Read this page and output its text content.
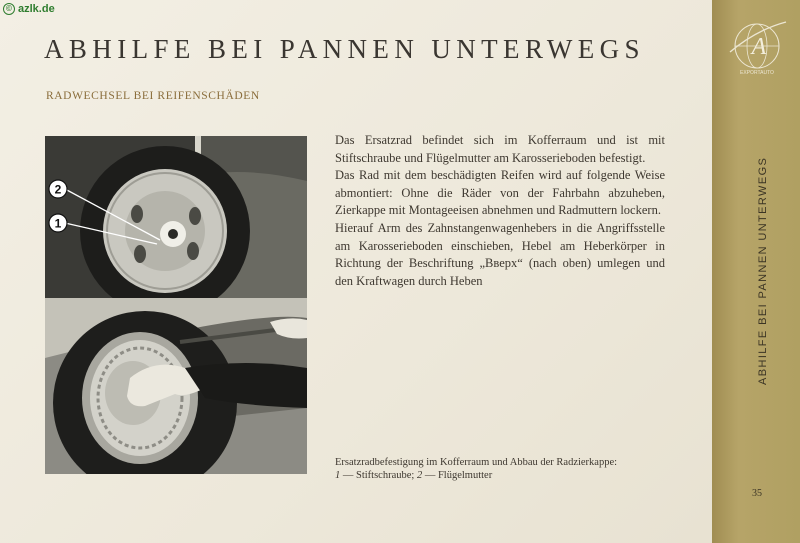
© azlk.de
ABHILFE BEI PANNEN UNTERWEGS
RADWECHSEL BEI REIFENSCHÄDEN
2
1

Das Ersatzrad befindet sich im Kofferraum und ist mit Stiftschraube und Flügelmutter am Karosserieboden befestigt.

Das Rad mit dem beschädigten Reifen wird auf folgende Weise abmontiert: Ohne die Räder von der Fahrbahn abzuheben, Zierkappe mit Montageeisen abnehmen und Radmuttern lockern.

Hierauf Arm des Zahnstangenwagenhebers in die Angriffsstelle am Karosserieboden einschieben, Hebel am Heberkörper in Richtung der Beschriftung „Вверх“ (nach oben) umlegen und den Kraftwagen durch Heben

Ersatzradbefestigung im Kofferraum und Abbau der Radzierkappe:
1 — Stiftschraube; 2 — Flügelmutter
A
EXPORTAUTO
ABHILFE BEI PANNEN UNTERWEGS
35
